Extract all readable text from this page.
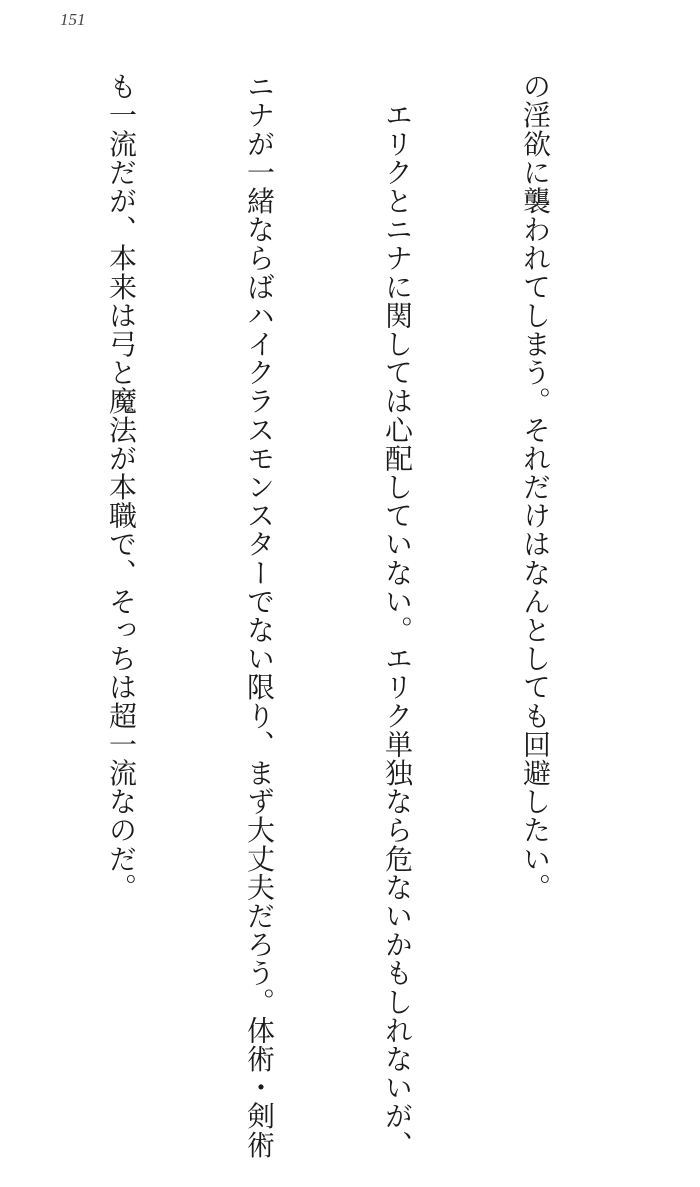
151

の淫欲に襲われてしまう。それだけはなんとしても回避したい。

　エリクとニナに関しては心配していない。エリク単独なら危ないかもしれないが、

ニナが一緒ならばハイクラスモンスターでない限り、まず大丈夫だろう。体術・剣術

も一流だが、本来は弓と魔法が本職で、そっちは超一流なのだ。
